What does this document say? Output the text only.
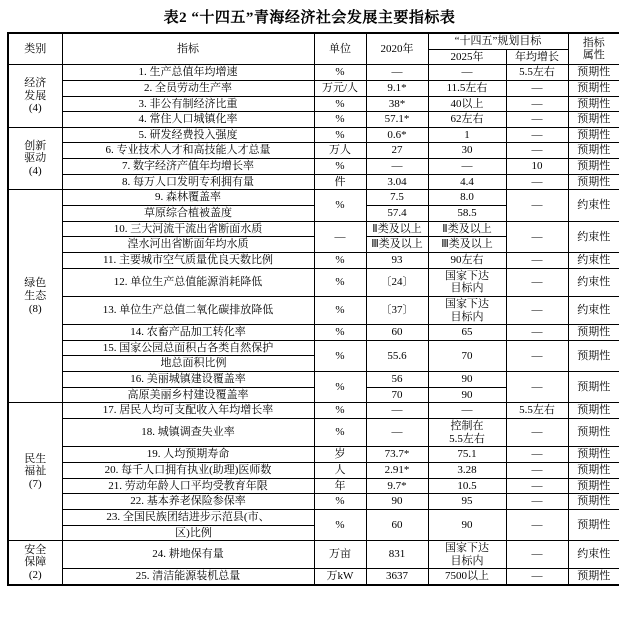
表2 “十四五”青海经济社会发展主要指标表
类别	指标	单位	2020年	“十四五”规划目标		指标
属性

				2025年	年均增长	

经济
发展
(4)	1. 生产总值年均增速	%	—	—	5.5左右	预期性
	2. 全员劳动生产率	万元/人	9.1*	11.5左右	—	预期性
	3. 非公有制经济比重	%	38*	40以上	—	预期性
	4. 常住人口城镇化率	%	57.1*	62左右	—	预期性

创新
驱动
(4)	5. 研发经费投入强度	%	0.6*	1	—	预期性
	6. 专业技术人才和高技能人才总量	万人	27	30	—	预期性
	7. 数字经济产值年均增长率	%	—	—	10	预期性
	8. 每万人口发明专利拥有量	件	3.04	4.4	—	预期性

绿色
生态
(8)	9. 森林覆盖率	%	7.5	8.0	—	约束性
	草原综合植被盖度		57.4	58.5		
	10. 三大河流干流出省断面水质	—	Ⅱ类及以上	Ⅱ类及以上	—	约束性
	湟水河出省断面年均水质		Ⅲ类及以上	Ⅲ类及以上		
	11. 主要城市空气质量优良天数比例	%	93	90左右	—	约束性
	12. 单位生产总值能源消耗降低	%	〔24〕	国家下达
目标内	—	约束性
	13. 单位生产总值二氧化碳排放降低	%	〔37〕	国家下达
目标内	—	约束性
	14. 农畜产品加工转化率	%	60	65	—	预期性
	15. 国家公园总面积占各类自然保护	%	55.6	70	—	预期性
	地总面积比例					
	16. 美丽城镇建设覆盖率	%	56	90	—	预期性
	高原美丽乡村建设覆盖率		70	90		

民生
福祉
(7)	17. 居民人均可支配收入年均增长率	%	—	—	5.5左右	预期性
	18. 城镇调查失业率	%	—	控制在
5.5左右	—	预期性
	19. 人均预期寿命	岁	73.7*	75.1	—	预期性
	20. 每千人口拥有执业(助理)医师数	人	2.91*	3.28	—	预期性
	21. 劳动年龄人口平均受教育年限	年	9.7*	10.5	—	预期性
	22. 基本养老保险参保率	%	90	95	—	预期性
	23. 全国民族团结进步示范县(市、	%	60	90	—	预期性
	区)比例					

安全
保障
(2)
	24. 耕地保有量	万亩	831	国家下达
目标内	—	约束性
	25. 清洁能源装机总量	万kW	3637	7500以上	—	预期性
